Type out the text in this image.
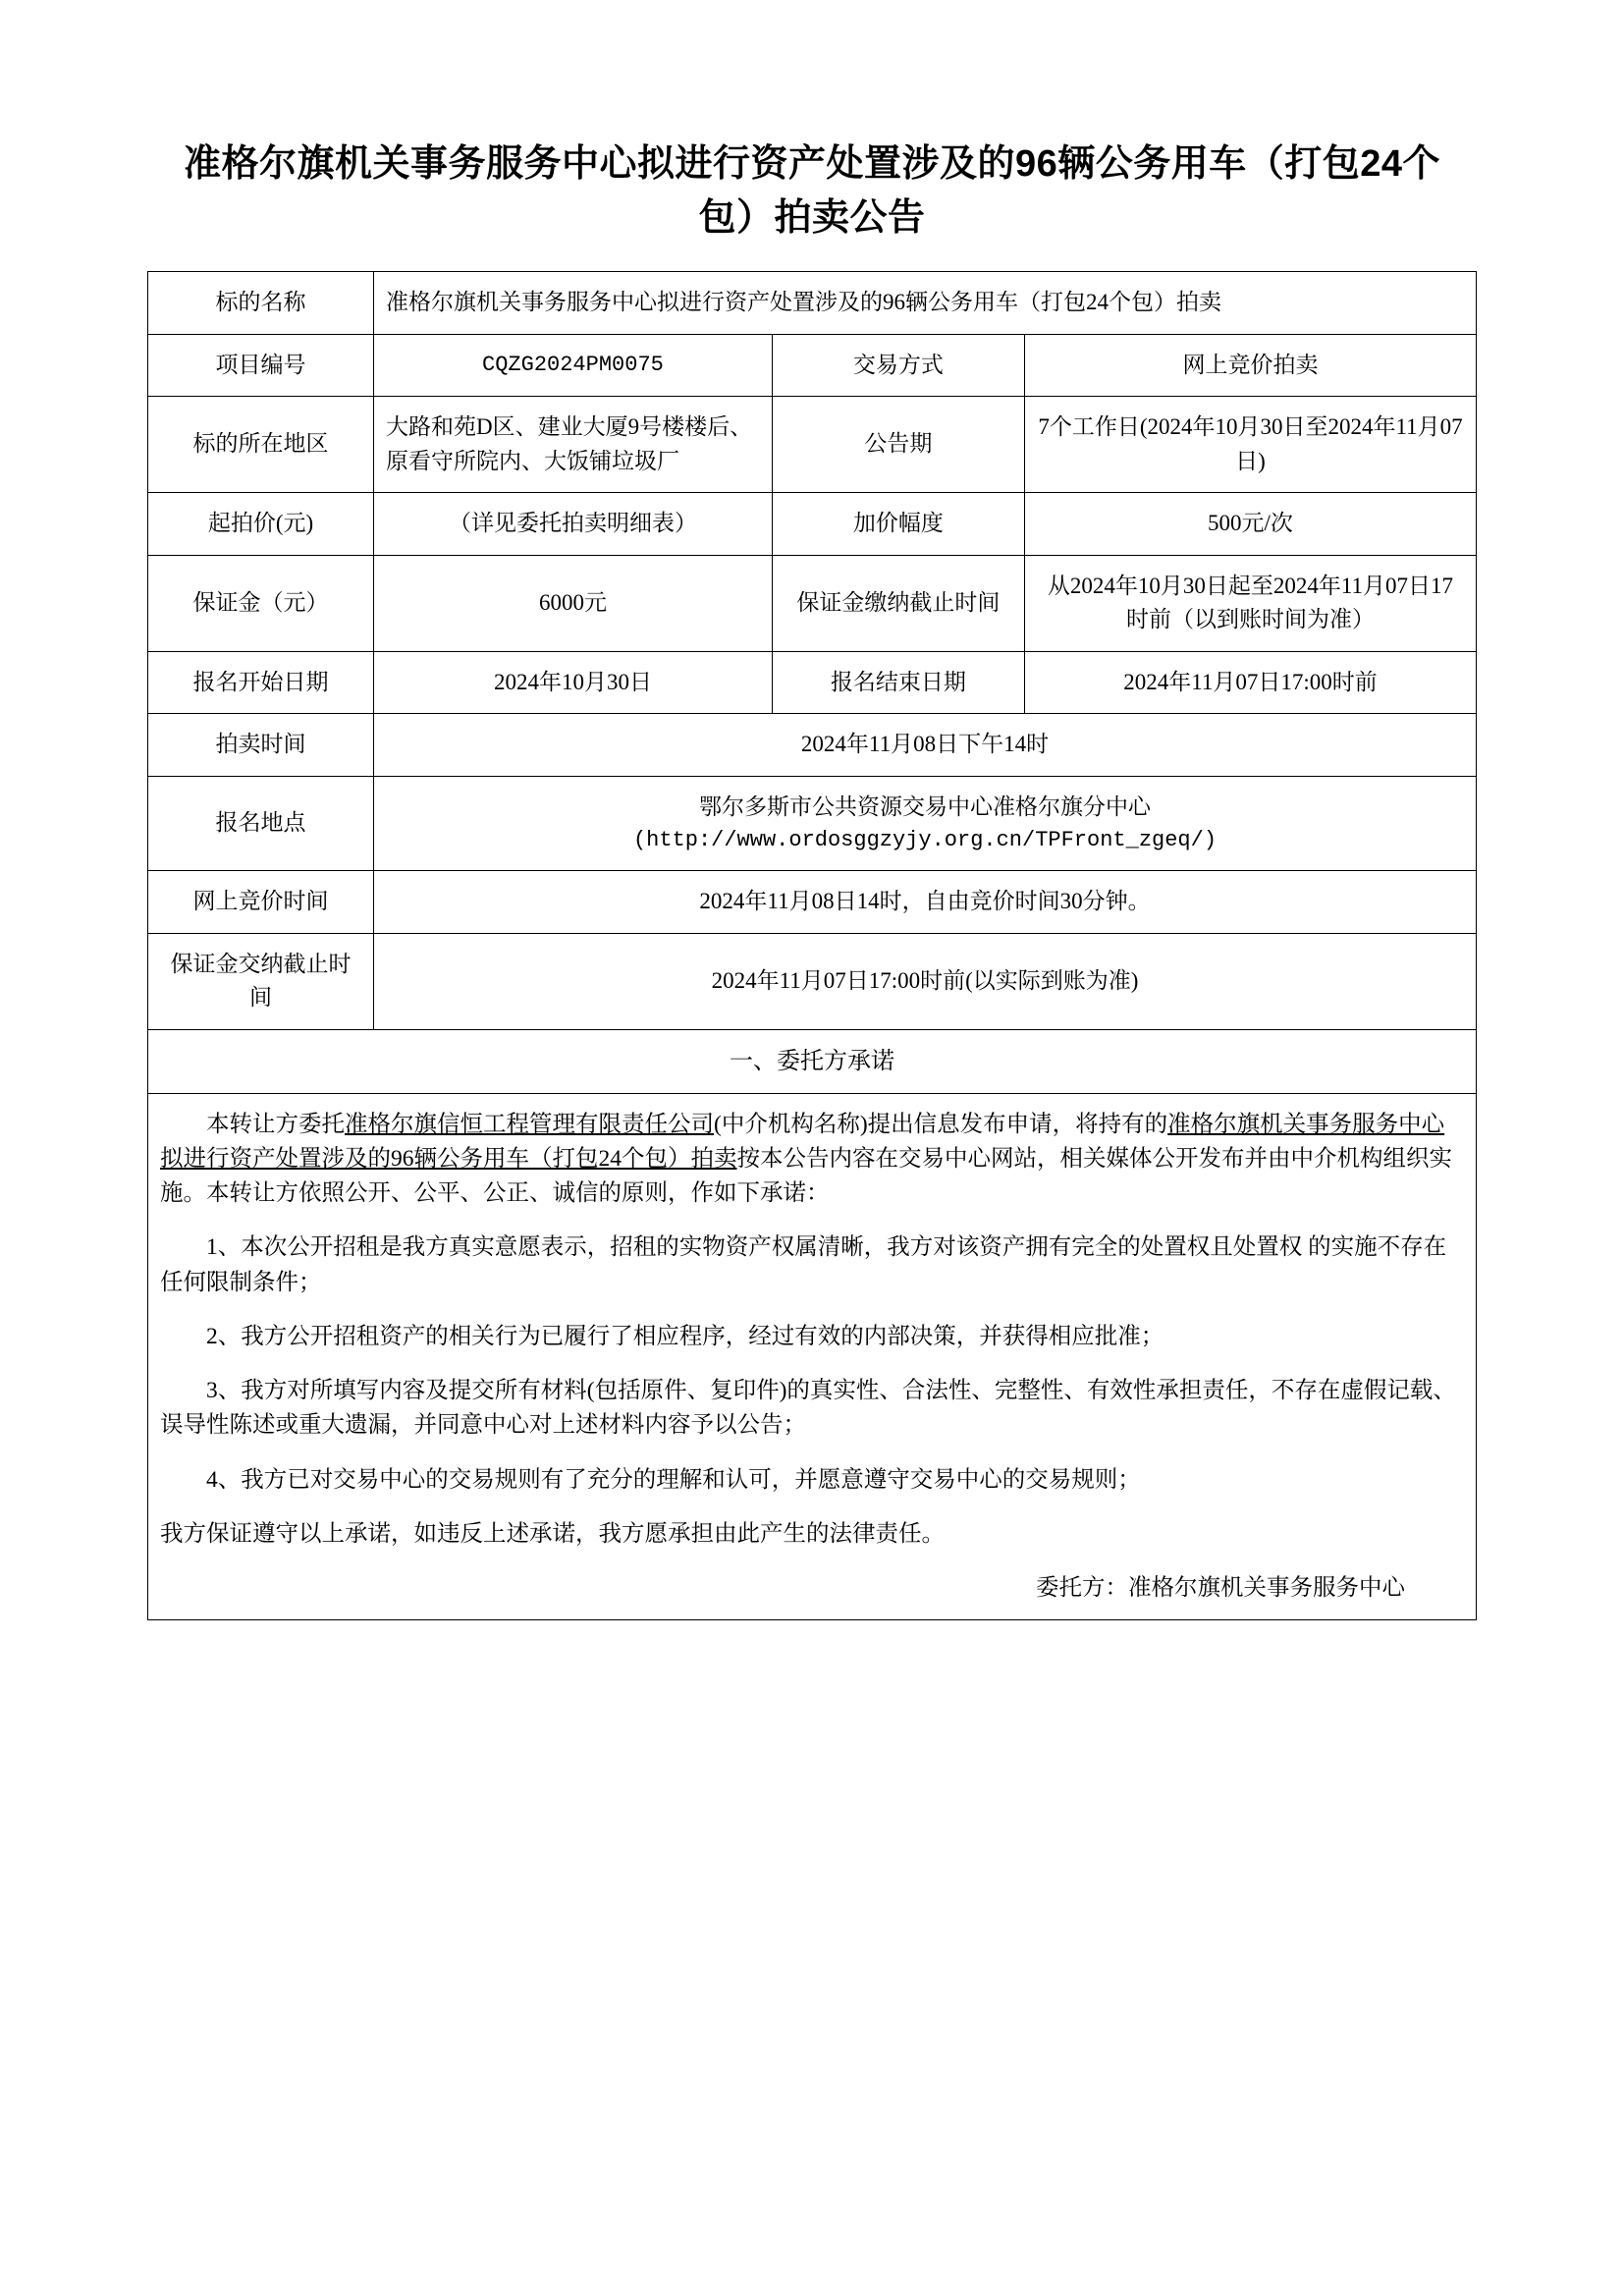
准格尔旗机关事务服务中心拟进行资产处置涉及的96辆公务用车（打包24个包）拍卖公告
标的名称	准格尔旗机关事务服务中心拟进行资产处置涉及的96辆公务用车（打包24个包）拍卖		
项目编号	CQZG2024PM0075	交易方式	网上竞价拍卖
标的所在地区	大路和苑D区、建业大厦9号楼楼后、原看守所院内、大饭铺垃圾厂	公告期	7个工作日(2024年10月30日至2024年11月07日)
起拍价(元)	（详见委托拍卖明细表）	加价幅度	500元/次
保证金（元）	6000元	保证金缴纳截止时间	从2024年10月30日起至2024年11月07日17时前（以到账时间为准）
报名开始日期	2024年10月30日	报名结束日期	2024年11月07日17:00时前
拍卖时间	2024年11月08日下午14时		
报名地点	鄂尔多斯市公共资源交易中心准格尔旗分中心
(http://www.ordosggzyjy.org.cn/TPFront_zgeq/)		

网上竞价时间	2024年11月08日14时，自由竞价时间30分钟。		
保证金交纳截止时间	2024年11月07日17:00时前(以实际到账为准)		
一、委托方承诺			

本转让方委托准格尔旗信恒工程管理有限责任公司(中介机构名称)提出信息发布申请，将持有的准格尔旗机关事务服务中心拟进行资产处置涉及的96辆公务用车（打包24个包）拍卖按本公告内容在交易中心网站，相关媒体公开发布并由中介机构组织实施。本转让方依照公开、公平、公正、诚信的原则，作如下承诺：

1、本次公开招租是我方真实意愿表示，招租的实物资产权属清晰，我方对该资产拥有完全的处置权且处置权 的实施不存在任何限制条件；

2、我方公开招租资产的相关行为已履行了相应程序，经过有效的内部决策，并获得相应批准；

3、我方对所填写内容及提交所有材料(包括原件、复印件)的真实性、合法性、完整性、有效性承担责任，不存在虚假记载、误导性陈述或重大遗漏，并同意中心对上述材料内容予以公告；

4、我方已对交易中心的交易规则有了充分的理解和认可，并愿意遵守交易中心的交易规则；

我方保证遵守以上承诺，如违反上述承诺，我方愿承担由此产生的法律责任。

委托方：准格尔旗机关事务服务中心
